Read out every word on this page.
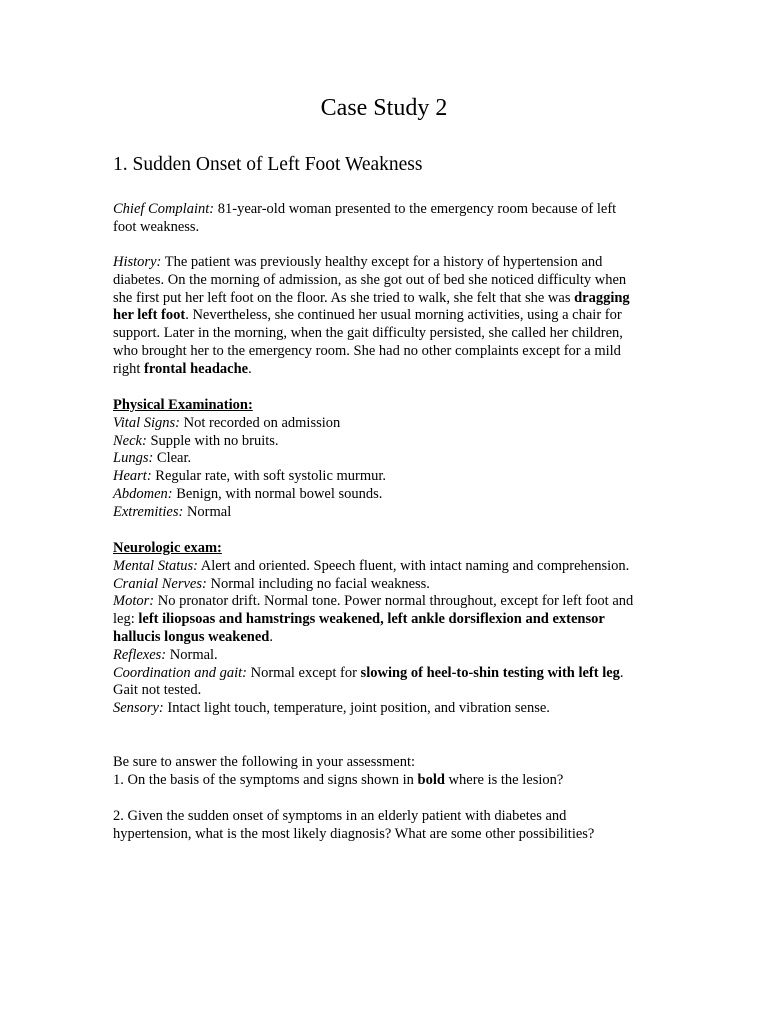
Case Study 2
1. Sudden Onset of Left Foot Weakness

Chief Complaint: 81-year-old woman presented to the emergency room because of left
foot weakness.

History: The patient was previously healthy except for a history of hypertension and
diabetes. On the morning of admission, as she got out of bed she noticed difficulty when
she first put her left foot on the floor. As she tried to walk, she felt that she was dragging
her left foot. Nevertheless, she continued her usual morning activities, using a chair for
support. Later in the morning, when the gait difficulty persisted, she called her children,
who brought her to the emergency room. She had no other complaints except for a mild
right frontal headache.

Physical Examination:
Vital Signs: Not recorded on admission
Neck: Supple with no bruits.
Lungs: Clear.
Heart: Regular rate, with soft systolic murmur.
Abdomen: Benign, with normal bowel sounds.
Extremities: Normal

Neurologic exam:
Mental Status: Alert and oriented. Speech fluent, with intact naming and comprehension.
Cranial Nerves: Normal including no facial weakness.
Motor: No pronator drift. Normal tone. Power normal throughout, except for left foot and
leg: left iliopsoas and hamstrings weakened, left ankle dorsiflexion and extensor
hallucis longus weakened.
Reflexes: Normal.
Coordination and gait: Normal except for slowing of heel-to-shin testing with left leg.
Gait not tested.
Sensory: Intact light touch, temperature, joint position, and vibration sense.

Be sure to answer the following in your assessment:
1. On the basis of the symptoms and signs shown in bold where is the lesion?

2. Given the sudden onset of symptoms in an elderly patient with diabetes and
hypertension, what is the most likely diagnosis? What are some other possibilities?
